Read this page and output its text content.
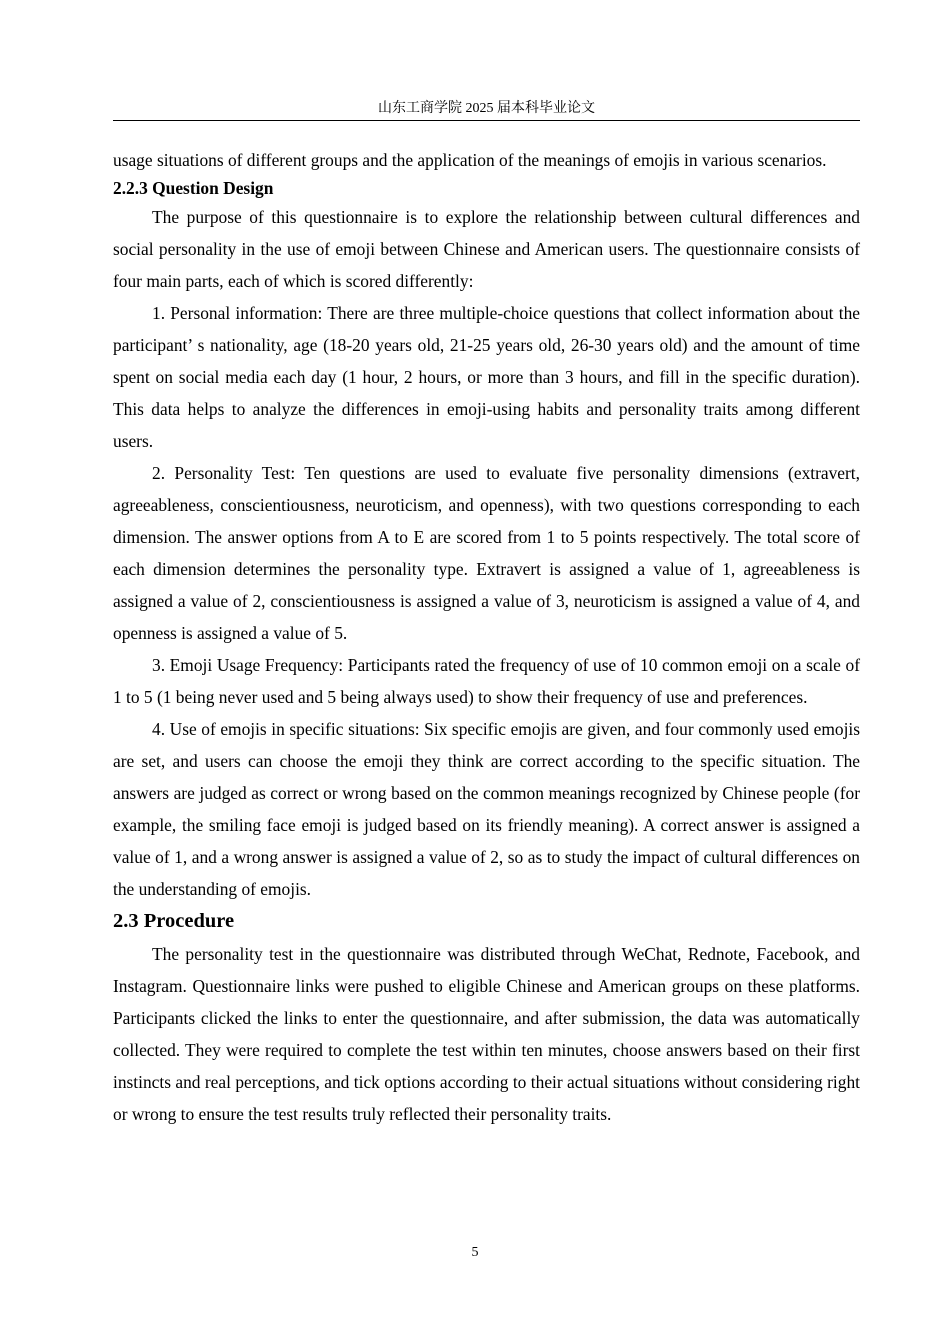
山东工商学院 2025 届本科毕业论文

usage situations of different groups and the application of the meanings of emojis in various scenarios.

2.2.3 Question Design

The purpose of this questionnaire is to explore the relationship between cultural differences and social personality in the use of emoji between Chinese and American users. The questionnaire consists of four main parts, each of which is scored differently:

1. Personal information: There are three multiple-choice questions that collect information about the participant’ s nationality, age (18-20 years old, 21-25 years old, 26-30 years old) and the amount of time spent on social media each day (1 hour, 2 hours, or more than 3 hours, and fill in the specific duration). This data helps to analyze the differences in emoji-using habits and personality traits among different users.

2. Personality Test: Ten questions are used to evaluate five personality dimensions (extravert, agreeableness, conscientiousness, neuroticism, and openness), with two questions corresponding to each dimension. The answer options from A to E are scored from 1 to 5 points respectively. The total score of each dimension determines the personality type. Extravert is assigned a value of 1, agreeableness is assigned a value of 2, conscientiousness is assigned a value of 3, neuroticism is assigned a value of 4, and openness is assigned a value of 5.

3. Emoji Usage Frequency: Participants rated the frequency of use of 10 common emoji on a scale of 1 to 5 (1 being never used and 5 being always used) to show their frequency of use and preferences.

4. Use of emojis in specific situations: Six specific emojis are given, and four commonly used emojis are set, and users can choose the emoji they think are correct according to the specific situation. The answers are judged as correct or wrong based on the common meanings recognized by Chinese people (for example, the smiling face emoji is judged based on its friendly meaning). A correct answer is assigned a value of 1, and a wrong answer is assigned a value of 2, so as to study the impact of cultural differences on the understanding of emojis.

2.3 Procedure

The personality test in the questionnaire was distributed through WeChat, Rednote, Facebook, and Instagram. Questionnaire links were pushed to eligible Chinese and American groups on these platforms. Participants clicked the links to enter the questionnaire, and after submission, the data was automatically collected. They were required to complete the test within ten minutes, choose answers based on their first instincts and real perceptions, and tick options according to their actual situations without considering right or wrong to ensure the test results truly reflected their personality traits.

5
